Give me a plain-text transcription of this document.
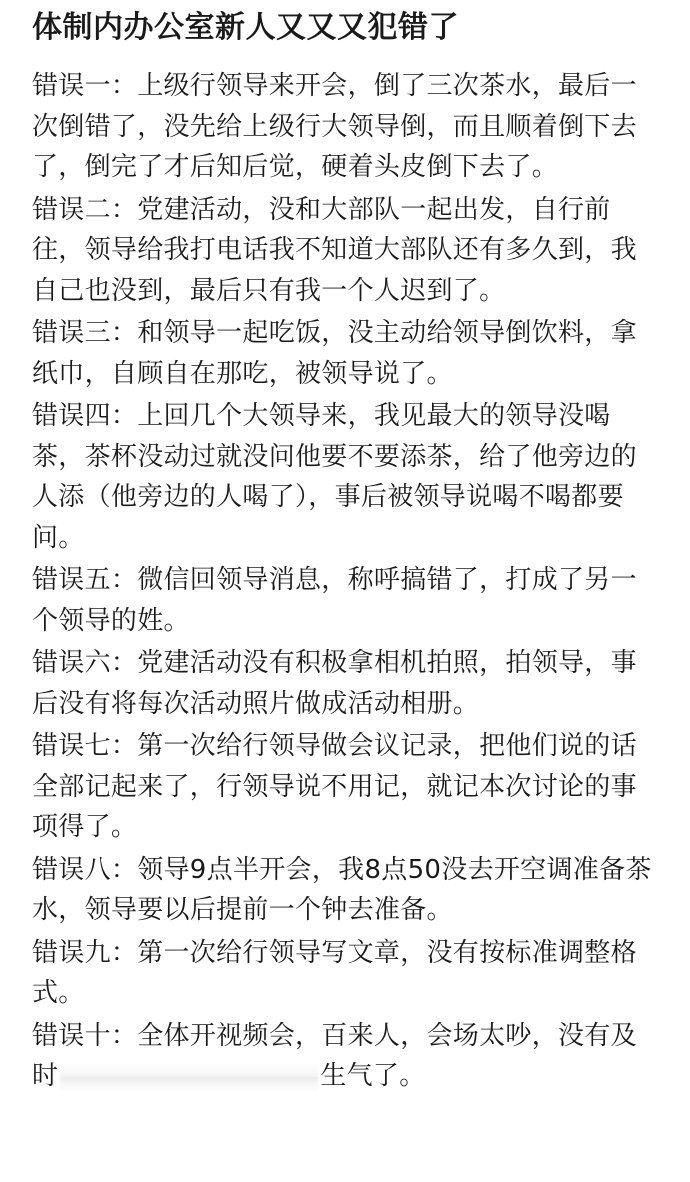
体制内办公室新人又又又犯错了
错误一：上级行领导来开会，倒了三次茶水，最后一次倒错了，没先给上级行大领导倒，而且顺着倒下去了，倒完了才后知后觉，硬着头皮倒下去了。
错误二：党建活动，没和大部队一起出发，自行前往，领导给我打电话我不知道大部队还有多久到，我自己也没到，最后只有我一个人迟到了。
错误三：和领导一起吃饭，没主动给领导倒饮料，拿纸巾，自顾自在那吃，被领导说了。
错误四：上回几个大领导来，我见最大的领导没喝茶，茶杯没动过就没问他要不要添茶，给了他旁边的人添（他旁边的人喝了），事后被领导说喝不喝都要问。
错误五：微信回领导消息，称呼搞错了，打成了另一个领导的姓。
错误六：党建活动没有积极拿相机拍照，拍领导，事后没有将每次活动照片做成活动相册。
错误七：第一次给行领导做会议记录，把他们说的话全部记起来了，行领导说不用记，就记本次讨论的事项得了。
错误八：领导9点半开会，我8点50没去开空调准备茶水，领导要以后提前一个钟去准备。
错误九：第一次给行领导写文章，没有按标准调整格式。
错误十：全体开视频会，百来人，会场太吵，没有及时	生气了。
